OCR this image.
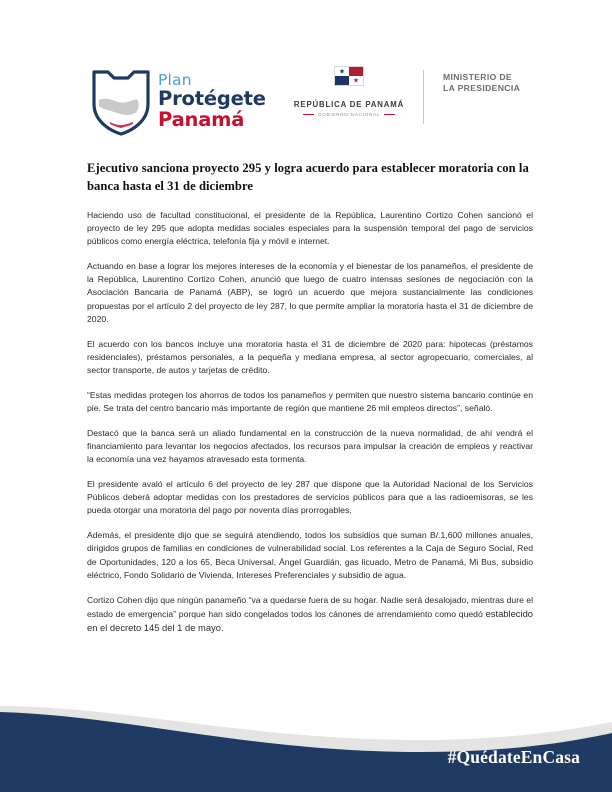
Plan
Protégete
Panamá
★
★
REPÚBLICA DE PANAMÁ
GOBIERNO NACIONAL
MINISTERIO DE
LA PRESIDENCIA
Ejecutivo sanciona proyecto 295 y logra acuerdo para establecer moratoria con la banca hasta el 31 de diciembre

Haciendo uso de facultad constitucional, el presidente de la República, Laurentino Cortizo Cohen sancionó el proyecto de ley 295 que adopta medidas sociales especiales para la suspensión temporal del pago de servicios públicos como energía eléctrica, telefonía fija y móvil e internet.

Actuando en base a lograr los mejores intereses de la economía y el bienestar de los panameños, el presidente de la República, Laurentino Cortizo Cohen, anunció que luego de cuatro intensas sesiones de negociación con la Asociación Bancaria de Panamá (ABP), se logró un acuerdo que mejora sustancialmente las condiciones propuestas por el artículo 2 del proyecto de ley 287, lo que permite ampliar la moratoria hasta el 31 de diciembre de 2020.

El acuerdo con los bancos incluye una moratoria hasta el 31 de diciembre de 2020 para: hipotecas (préstamos residenciales), préstamos personales, a la pequeña y mediana empresa, al sector agropecuario, comerciales, al sector transporte, de autos y tarjetas de crédito.

“Estas medidas protegen los ahorros de todos los panameños y permiten que nuestro sistema bancario continúe en pie. Se trata del centro bancario más importante de región que mantiene 26 mil empleos directos”, señaló.

Destacó que la banca será un aliado fundamental en la construcción de la nueva normalidad, de ahí vendrá el financiamiento para levantar los negocios afectados, los recursos para impulsar la creación de empleos y reactivar la economía una vez hayamos atravesado esta tormenta.

El presidente avaló el artículo 6 del proyecto de ley 287 que dispone que la Autoridad Nacional de los Servicios Públicos deberá adoptar medidas con los prestadores de servicios públicos para que a las radioemisoras, se les pueda otorgar una moratoria del pago por noventa días prorrogables.

Además, el presidente dijo que se seguirá atendiendo, todos los subsidios que suman B/.1,600 millones anuales, dirigidos grupos de familias en condiciones de vulnerabilidad social. Los referentes a la Caja de Seguro Social, Red de Oportunidades, 120 a los 65, Beca Universal, Ángel Guardián, gas licuado, Metro de Panamá, Mi Bus, subsidio eléctrico, Fondo Solidario de Vivienda, Intereses Preferenciales y subsidio de agua.

Cortizo Cohen dijo que ningún panameño “va a quedarse fuera de su hogar. Nadie será desalojado, mientras dure el estado de emergencia” porque han sido congelados todos los cánones de arrendamiento como quedó establecido en el decreto 145 del 1 de mayo.

#QuédateEnCasa
